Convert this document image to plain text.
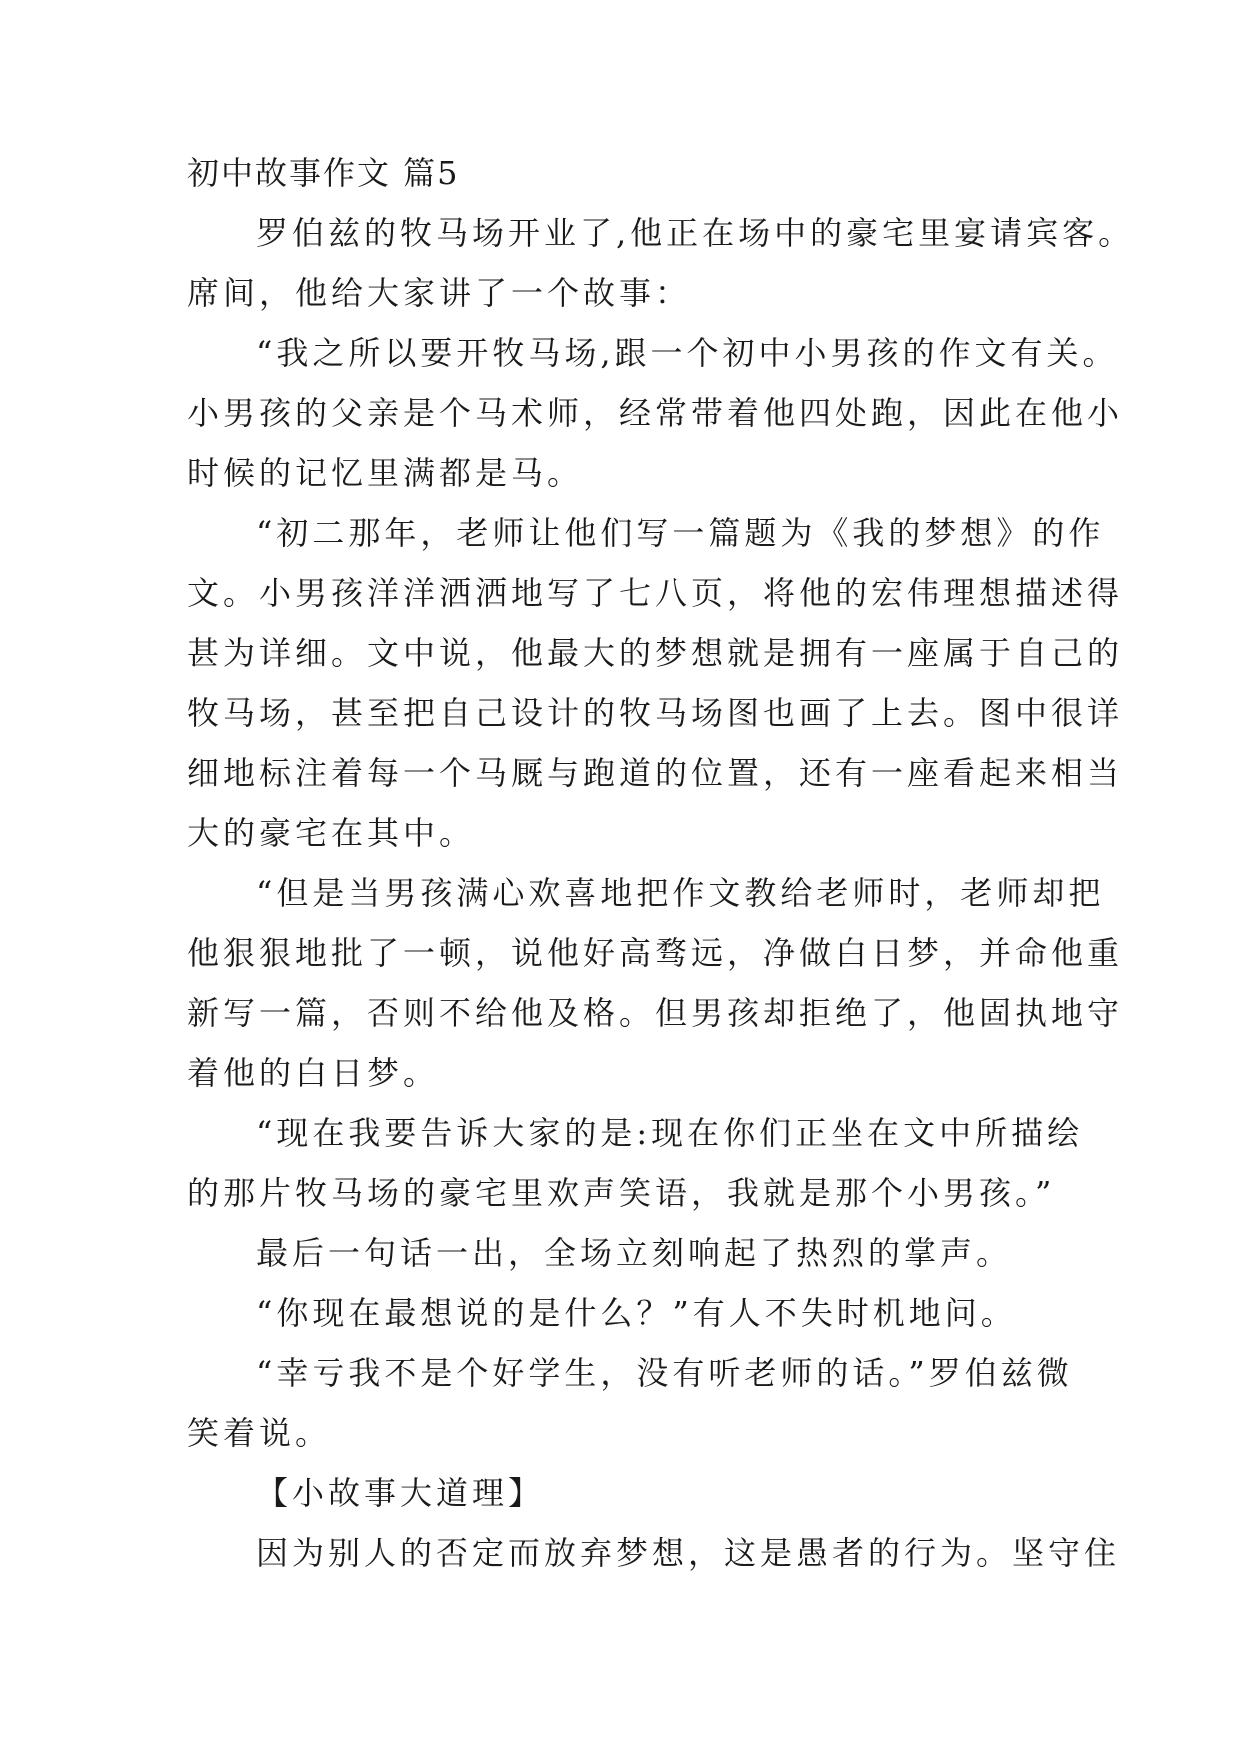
初中故事作文 篇5
罗伯兹的牧马场开业了,他正在场中的豪宅里宴请宾客。
席间，他给大家讲了一个故事：
“我之所以要开牧马场,跟一个初中小男孩的作文有关。
小男孩的父亲是个马术师，经常带着他四处跑，因此在他小
时候的记忆里满都是马。
“初二那年，老师让他们写一篇题为《我的梦想》的作
文。小男孩洋洋洒洒地写了七八页，将他的宏伟理想描述得
甚为详细。文中说，他最大的梦想就是拥有一座属于自己的
牧马场，甚至把自己设计的牧马场图也画了上去。图中很详
细地标注着每一个马厩与跑道的位置，还有一座看起来相当
大的豪宅在其中。
“但是当男孩满心欢喜地把作文教给老师时，老师却把
他狠狠地批了一顿，说他好高骛远，净做白日梦，并命他重
新写一篇，否则不给他及格。但男孩却拒绝了，他固执地守
着他的白日梦。
“现在我要告诉大家的是:现在你们正坐在文中所描绘
的那片牧马场的豪宅里欢声笑语，我就是那个小男孩。”
最后一句话一出，全场立刻响起了热烈的掌声。
“你现在最想说的是什么？”有人不失时机地问。
“幸亏我不是个好学生，没有听老师的话。”罗伯兹微
笑着说。
【小故事大道理】
因为别人的否定而放弃梦想，这是愚者的行为。坚守住
